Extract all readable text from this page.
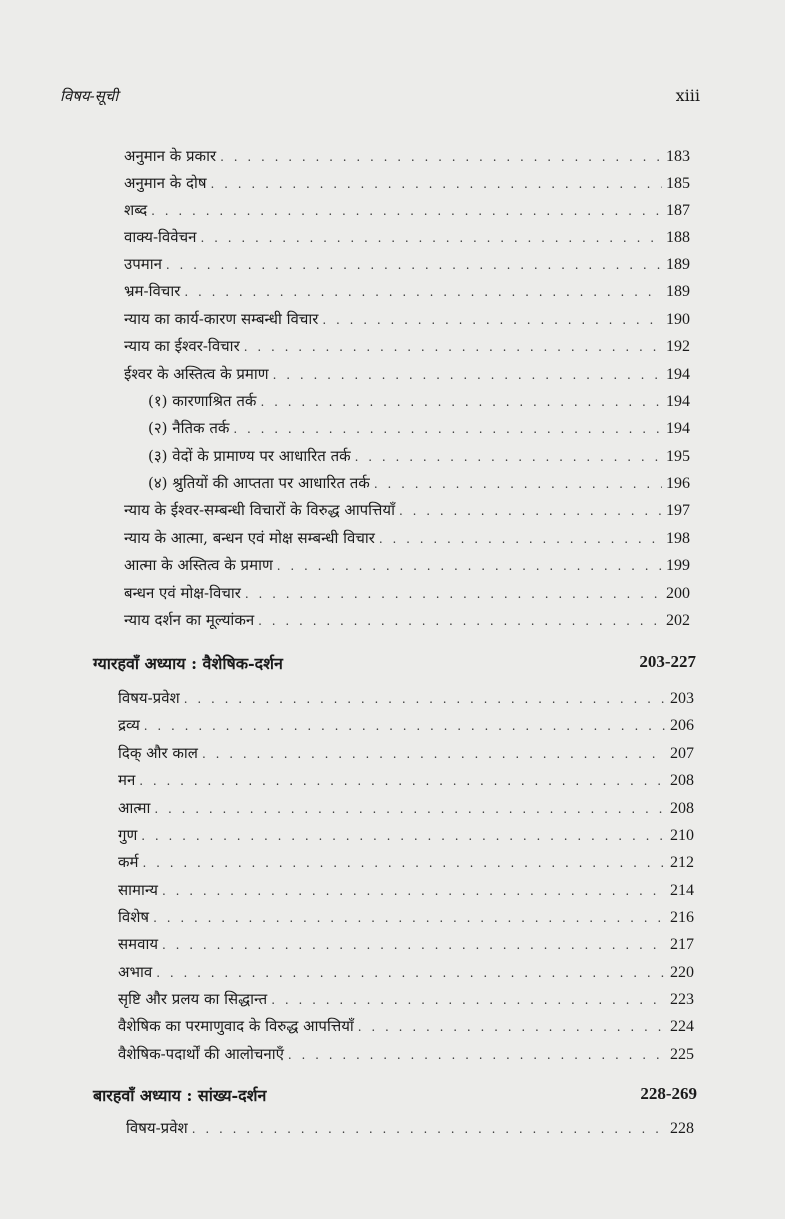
विषय-सूची	xiii
अनुमान के प्रकार . . .	183
अनुमान के दोष . . .	185
शब्द . . .	187
वाक्य-विवेचन . . .	188
उपमान . . .	189
भ्रम-विचार . . .	189
न्याय का कार्य-कारण सम्बन्धी विचार . . .	190
न्याय का ईश्वर-विचार . . .	192
ईश्वर के अस्तित्व के प्रमाण . . .	194
(१) कारणाश्रित तर्क . . .	194
(२) नैतिक तर्क . . .	194
(३) वेदों के प्रामाण्य पर आधारित तर्क . . .	195
(४) श्रुतियों की आप्तता पर आधारित तर्क . . .	196
न्याय के ईश्वर-सम्बन्धी विचारों के विरुद्ध आपत्तियाँ . . .	197
न्याय के आत्मा, बन्धन एवं मोक्ष सम्बन्धी विचार . . .	198
आत्मा के अस्तित्व के प्रमाण . . .	199
बन्धन एवं मोक्ष-विचार . . .	200
न्याय दर्शन का मूल्यांकन . . .	202
ग्यारहवाँ अध्याय : वैशेषिक-दर्शन	203-227
विषय-प्रवेश . . .	203
द्रव्य . . .	206
दिक् और काल . . .	207
मन . . .	208
आत्मा . . .	208
गुण . . .	210
कर्म . . .	212
सामान्य . . .	214
विशेष . . .	216
समवाय . . .	217
अभाव . . .	220
सृष्टि और प्रलय का सिद्धान्त . . .	223
वैशेषिक का परमाणुवाद के विरुद्ध आपत्तियाँ . . .	224
वैशेषिक-पदार्थों की आलोचनाएँ . . .	225
बारहवाँ अध्याय : सांख्य-दर्शन	228-269
विषय-प्रवेश . . .	228
